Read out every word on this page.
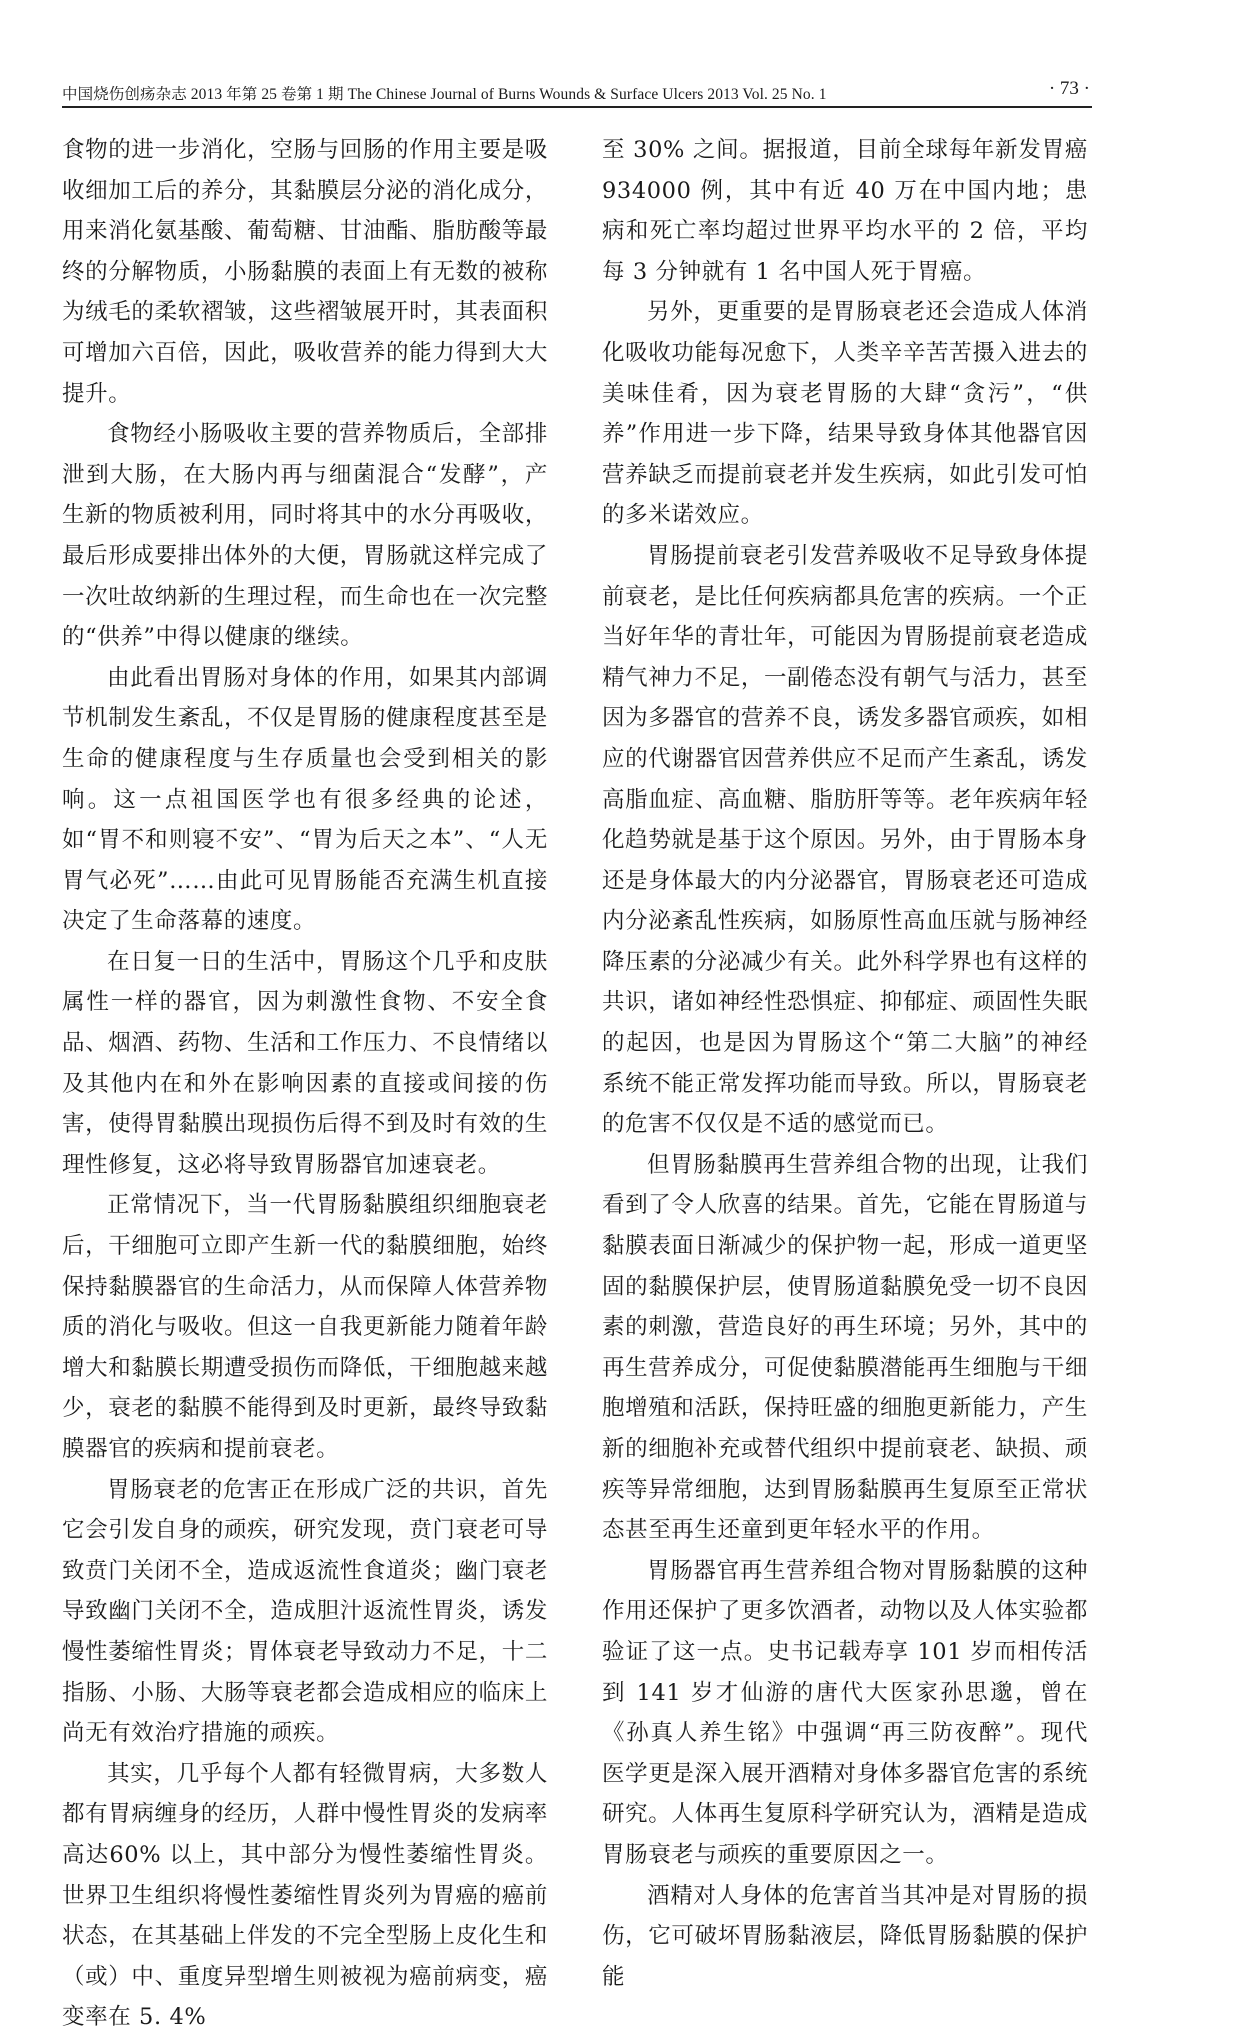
中国烧伤创疡杂志 2013 年第 25 卷第 1 期 The Chinese Journal of Burns Wounds & Surface Ulcers 2013 Vol. 25 No. 1	· 73 ·

食物的进一步消化，空肠与回肠的作用主要是吸收细加工后的养分，其黏膜层分泌的消化成分，用来消化氨基酸、葡萄糖、甘油酯、脂肪酸等最终的分解物质，小肠黏膜的表面上有无数的被称为绒毛的柔软褶皱，这些褶皱展开时，其表面积可增加六百倍，因此，吸收营养的能力得到大大提升。

食物经小肠吸收主要的营养物质后，全部排泄到大肠，在大肠内再与细菌混合“发酵”，产生新的物质被利用，同时将其中的水分再吸收，最后形成要排出体外的大便，胃肠就这样完成了一次吐故纳新的生理过程，而生命也在一次完整的“供养”中得以健康的继续。

由此看出胃肠对身体的作用，如果其内部调节机制发生紊乱，不仅是胃肠的健康程度甚至是生命的健康程度与生存质量也会受到相关的影响。这一点祖国医学也有很多经典的论述，如“胃不和则寝不安”、“胃为后天之本”、“人无胃气必死”……由此可见胃肠能否充满生机直接决定了生命落幕的速度。

在日复一日的生活中，胃肠这个几乎和皮肤属性一样的器官，因为刺激性食物、不安全食品、烟酒、药物、生活和工作压力、不良情绪以及其他内在和外在影响因素的直接或间接的伤害，使得胃黏膜出现损伤后得不到及时有效的生理性修复，这必将导致胃肠器官加速衰老。

正常情况下，当一代胃肠黏膜组织细胞衰老后，干细胞可立即产生新一代的黏膜细胞，始终保持黏膜器官的生命活力，从而保障人体营养物质的消化与吸收。但这一自我更新能力随着年龄增大和黏膜长期遭受损伤而降低，干细胞越来越少，衰老的黏膜不能得到及时更新，最终导致黏膜器官的疾病和提前衰老。

胃肠衰老的危害正在形成广泛的共识，首先它会引发自身的顽疾，研究发现，贲门衰老可导致贲门关闭不全，造成返流性食道炎；幽门衰老导致幽门关闭不全，造成胆汁返流性胃炎，诱发慢性萎缩性胃炎；胃体衰老导致动力不足，十二指肠、小肠、大肠等衰老都会造成相应的临床上尚无有效治疗措施的顽疾。

其实，几乎每个人都有轻微胃病，大多数人都有胃病缠身的经历，人群中慢性胃炎的发病率高达60% 以上，其中部分为慢性萎缩性胃炎。世界卫生组织将慢性萎缩性胃炎列为胃癌的癌前状态，在其基础上伴发的不完全型肠上皮化生和（或）中、重度异型增生则被视为癌前病变，癌变率在 5. 4%

至 30% 之间。据报道，目前全球每年新发胃癌 934000 例，其中有近 40 万在中国内地；患病和死亡率均超过世界平均水平的 2 倍，平均每 3 分钟就有 1 名中国人死于胃癌。

另外，更重要的是胃肠衰老还会造成人体消化吸收功能每况愈下，人类辛辛苦苦摄入进去的美味佳肴，因为衰老胃肠的大肆“贪污”，“供养”作用进一步下降，结果导致身体其他器官因营养缺乏而提前衰老并发生疾病，如此引发可怕的多米诺效应。

胃肠提前衰老引发营养吸收不足导致身体提前衰老，是比任何疾病都具危害的疾病。一个正当好年华的青壮年，可能因为胃肠提前衰老造成精气神力不足，一副倦态没有朝气与活力，甚至因为多器官的营养不良，诱发多器官顽疾，如相应的代谢器官因营养供应不足而产生紊乱，诱发高脂血症、高血糖、脂肪肝等等。老年疾病年轻化趋势就是基于这个原因。另外，由于胃肠本身还是身体最大的内分泌器官，胃肠衰老还可造成内分泌紊乱性疾病，如肠原性高血压就与肠神经降压素的分泌减少有关。此外科学界也有这样的共识，诸如神经性恐惧症、抑郁症、顽固性失眠的起因，也是因为胃肠这个“第二大脑”的神经系统不能正常发挥功能而导致。所以，胃肠衰老的危害不仅仅是不适的感觉而已。

但胃肠黏膜再生营养组合物的出现，让我们看到了令人欣喜的结果。首先，它能在胃肠道与黏膜表面日渐减少的保护物一起，形成一道更坚固的黏膜保护层，使胃肠道黏膜免受一切不良因素的刺激，营造良好的再生环境；另外，其中的再生营养成分，可促使黏膜潜能再生细胞与干细胞增殖和活跃，保持旺盛的细胞更新能力，产生新的细胞补充或替代组织中提前衰老、缺损、顽疾等异常细胞，达到胃肠黏膜再生复原至正常状态甚至再生还童到更年轻水平的作用。

胃肠器官再生营养组合物对胃肠黏膜的这种作用还保护了更多饮酒者，动物以及人体实验都验证了这一点。史书记载寿享 101 岁而相传活到 141 岁才仙游的唐代大医家孙思邈，曾在《孙真人养生铭》中强调“再三防夜醉”。现代医学更是深入展开酒精对身体多器官危害的系统研究。人体再生复原科学研究认为，酒精是造成胃肠衰老与顽疾的重要原因之一。

酒精对人身体的危害首当其冲是对胃肠的损伤，它可破坏胃肠黏液层，降低胃肠黏膜的保护能
